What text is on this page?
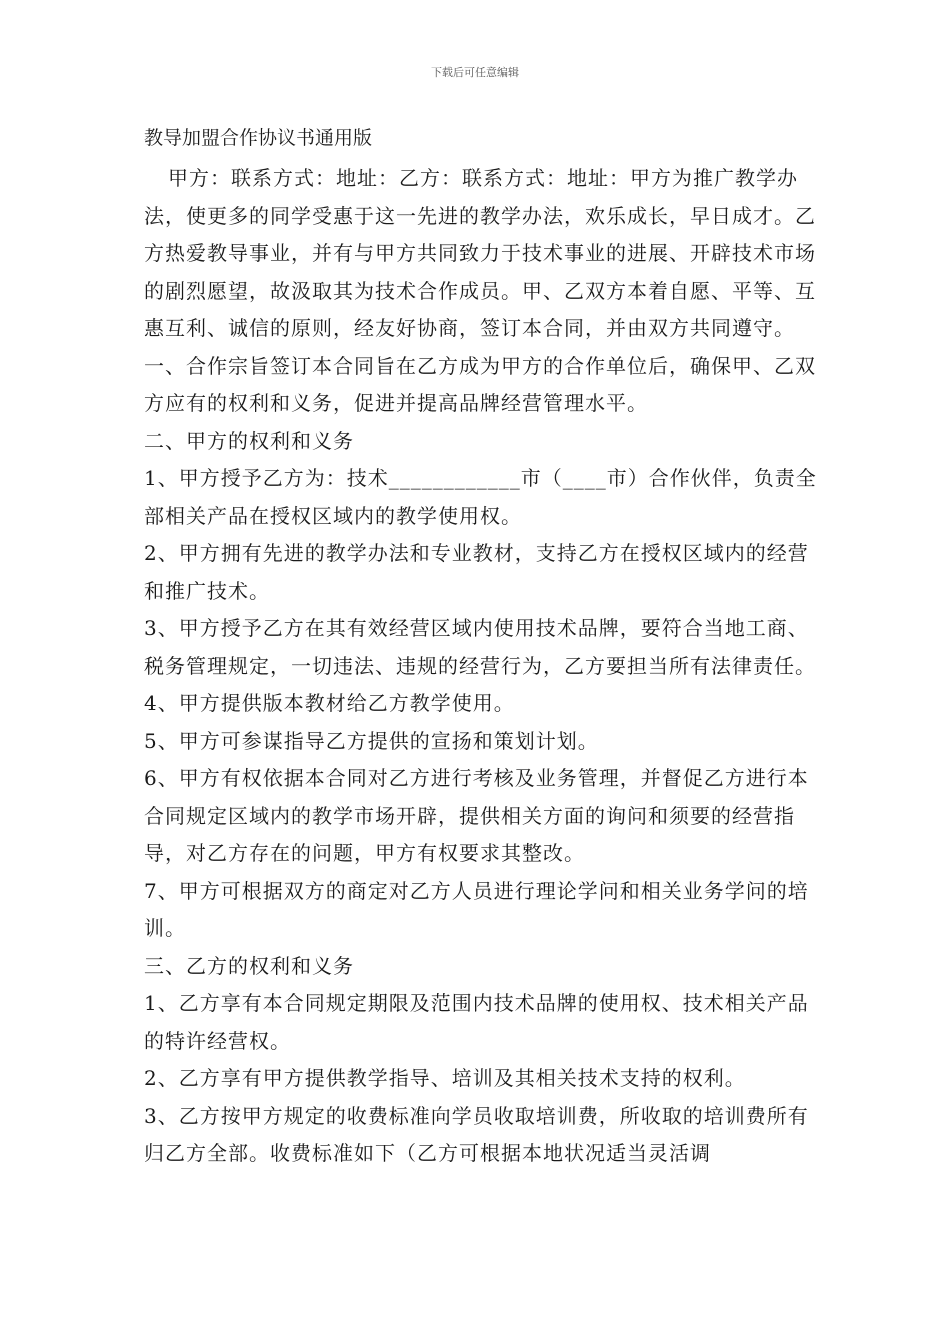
下载后可任意编辑

教导加盟合作协议书通用版

甲方：联系方式：地址：乙方：联系方式：地址：甲方为推广教学办法，使更多的同学受惠于这一先进的教学办法，欢乐成长，早日成才。乙方热爱教导事业，并有与甲方共同致力于技术事业的进展、开辟技术市场的剧烈愿望，故汲取其为技术合作成员。甲、乙双方本着自愿、平等、互惠互利、诚信的原则，经友好协商，签订本合同，并由双方共同遵守。

一、合作宗旨签订本合同旨在乙方成为甲方的合作单位后，确保甲、乙双方应有的权利和义务，促进并提高品牌经营管理水平。

二、甲方的权利和义务

1、甲方授予乙方为：技术____________市（____市）合作伙伴，负责全部相关产品在授权区域内的教学使用权。

2、甲方拥有先进的教学办法和专业教材，支持乙方在授权区域内的经营和推广技术。

3、甲方授予乙方在其有效经营区域内使用技术品牌，要符合当地工商、税务管理规定，一切违法、违规的经营行为，乙方要担当所有法律责任。

4、甲方提供版本教材给乙方教学使用。

5、甲方可参谋指导乙方提供的宣扬和策划计划。

6、甲方有权依据本合同对乙方进行考核及业务管理，并督促乙方进行本合同规定区域内的教学市场开辟，提供相关方面的询问和须要的经营指导，对乙方存在的问题，甲方有权要求其整改。

7、甲方可根据双方的商定对乙方人员进行理论学问和相关业务学问的培训。

三、乙方的权利和义务

1、乙方享有本合同规定期限及范围内技术品牌的使用权、技术相关产品的特许经营权。

2、乙方享有甲方提供教学指导、培训及其相关技术支持的权利。

3、乙方按甲方规定的收费标准向学员收取培训费，所收取的培训费所有归乙方全部。收费标准如下（乙方可根据本地状况适当灵活调
